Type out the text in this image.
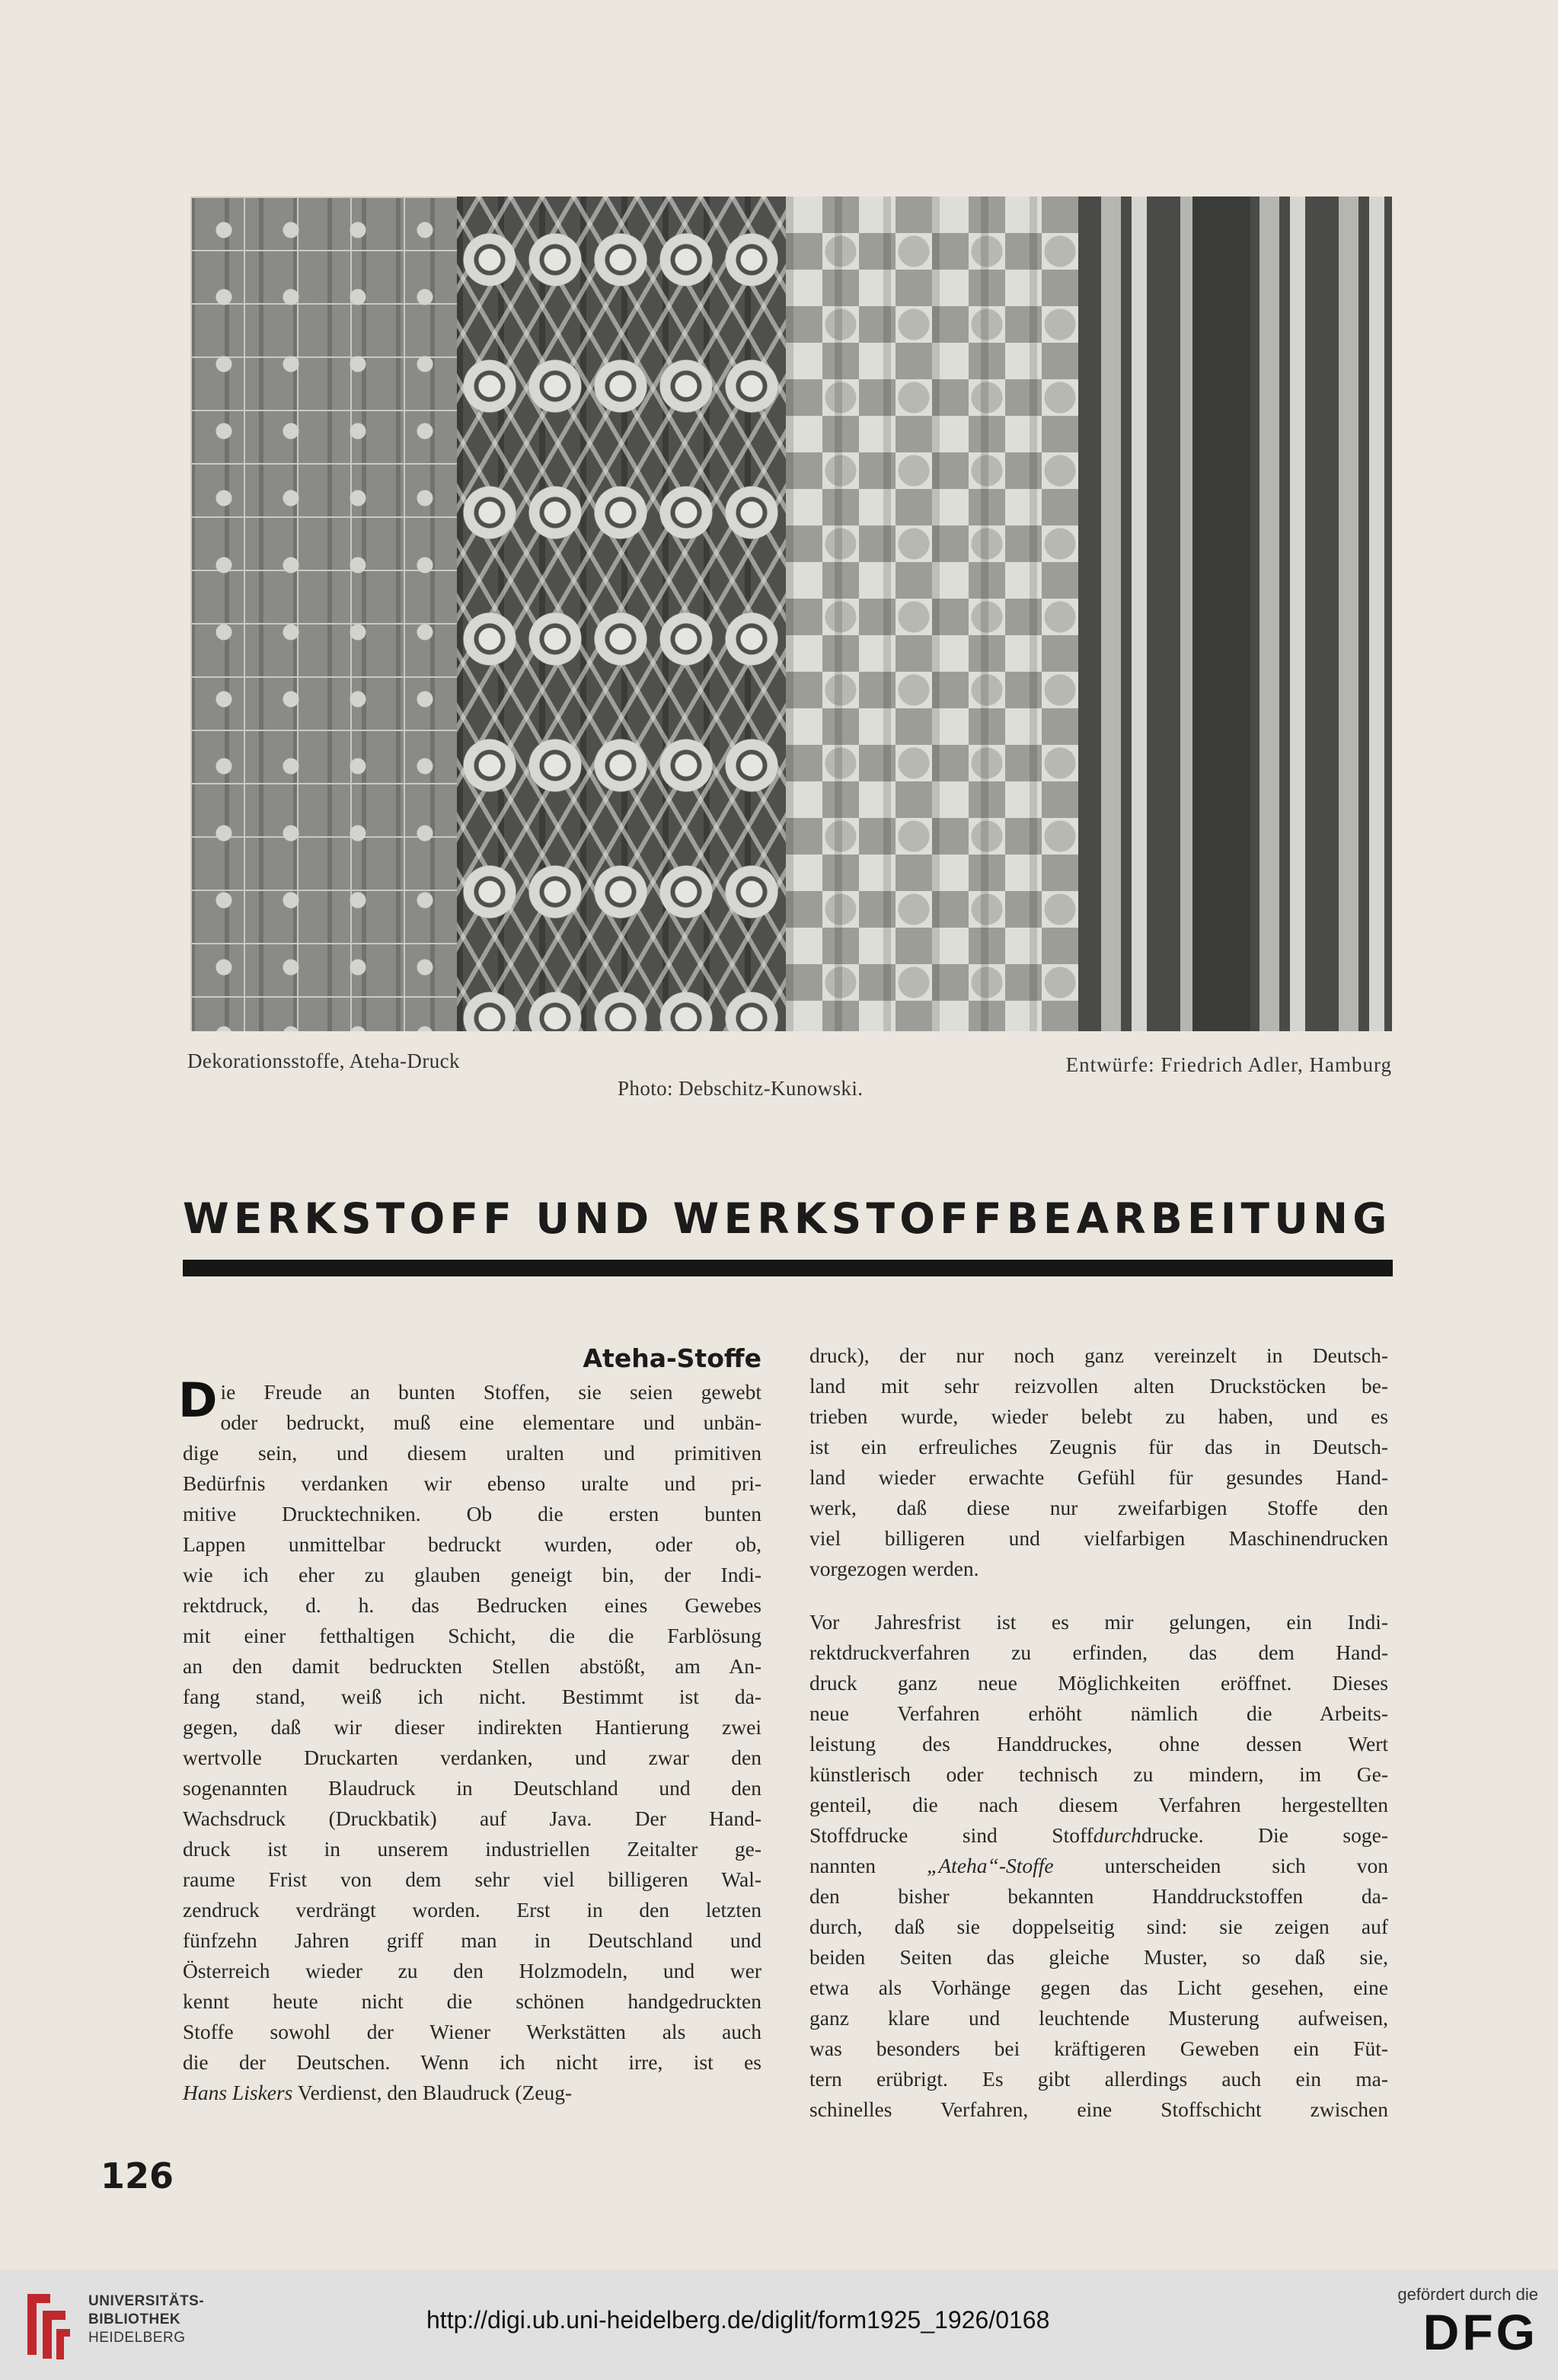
Dekorationsstoffe, Ateha-Druck	Entwürfe: Friedrich Adler, Hamburg
Photo: Debschitz-Kunowski.
WERKSTOFF UND WERKSTOFFBEARBEITUNG
Ateha-Stoffe
D ie Freude an bunten Stoffen, sie seien gewebt
oder bedruckt, muß eine elementare und unbän-
dige sein, und diesem uralten und primitiven
Bedürfnis verdanken wir ebenso uralte und pri-
mitive Drucktechniken. Ob die ersten bunten
Lappen unmittelbar bedruckt wurden, oder ob,
wie ich eher zu glauben geneigt bin, der Indi-
rektdruck, d. h. das Bedrucken eines Gewebes
mit einer fetthaltigen Schicht, die die Farblösung
an den damit bedruckten Stellen abstößt, am An-
fang stand, weiß ich nicht. Bestimmt ist da-
gegen, daß wir dieser indirekten Hantierung zwei
wertvolle Druckarten verdanken, und zwar den
sogenannten Blaudruck in Deutschland und den
Wachsdruck (Druckbatik) auf Java. Der Hand-
druck ist in unserem industriellen Zeitalter ge-
raume Frist von dem sehr viel billigeren Wal-
zendruck verdrängt worden. Erst in den letzten
fünfzehn Jahren griff man in Deutschland und
Österreich wieder zu den Holzmodeln, und wer
kennt heute nicht die schönen handgedruckten
Stoffe sowohl der Wiener Werkstätten als auch
die der Deutschen. Wenn ich nicht irre, ist es
Hans Liskers Verdienst, den Blaudruck (Zeug-
druck), der nur noch ganz vereinzelt in Deutsch-
land mit sehr reizvollen alten Druckstöcken be-
trieben wurde, wieder belebt zu haben, und es
ist ein erfreuliches Zeugnis für das in Deutsch-
land wieder erwachte Gefühl für gesundes Hand-
werk, daß diese nur zweifarbigen Stoffe den
viel billigeren und vielfarbigen Maschinendrucken
vorgezogen werden.
Vor Jahresfrist ist es mir gelungen, ein Indi-
rektdruckverfahren zu erfinden, das dem Hand-
druck ganz neue Möglichkeiten eröffnet. Dieses
neue Verfahren erhöht nämlich die Arbeits-
leistung des Handdruckes, ohne dessen Wert
künstlerisch oder technisch zu mindern, im Ge-
genteil, die nach diesem Verfahren hergestellten
Stoffdrucke sind Stoffdurchdrucke. Die soge-
nannten „Ateha“-Stoffe unterscheiden sich von
den bisher bekannten Handdruckstoffen da-
durch, daß sie doppelseitig sind: sie zeigen auf
beiden Seiten das gleiche Muster, so daß sie,
etwa als Vorhänge gegen das Licht gesehen, eine
ganz klare und leuchtende Musterung aufweisen,
was besonders bei kräftigeren Geweben ein Füt-
tern erübrigt. Es gibt allerdings auch ein ma-
schinelles Verfahren, eine Stoffschicht zwischen
126
UNIVERSITÄTS-
BIBLIOTHEK
HEIDELBERG
http://digi.ub.uni-heidelberg.de/diglit/form1925_1926/0168
gefördert durch die
DFG
